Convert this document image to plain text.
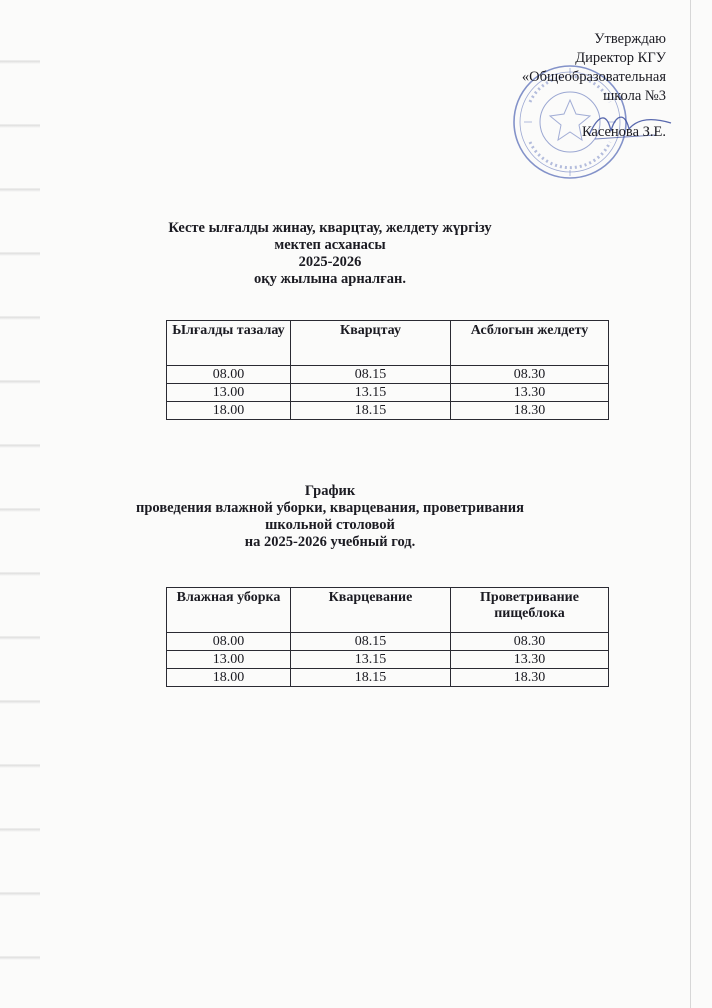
Утверждаю
Директор КГУ
«Общеобразовательная
школа №3
Касенова З.Е.
Кесте ылғалды жинау, кварцтау, желдету жүргізу
мектеп асханасы
2025-2026
оқу жылына арналған.
Ылғалды тазалау	Кварцтау	Асблогын желдету
08.00	08.15	08.30
13.00	13.15	13.30
18.00	18.15	18.30
График
проведения влажной уборки, кварцевания, проветривания
школьной столовой
на 2025-2026 учебный год.
Влажная уборка	Кварцевание	Проветривание пищеблока
08.00	08.15	08.30
13.00	13.15	13.30
18.00	18.15	18.30
